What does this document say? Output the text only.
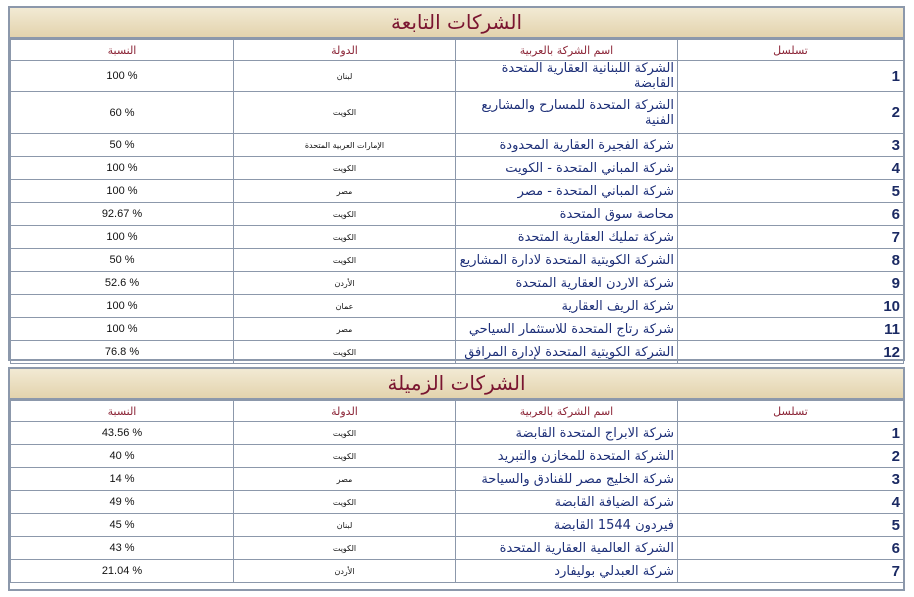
الشركات التابعة
تسلسل	اسم الشركة بالعربية	الدولة	النسبة
1	الشركة اللبنانية العقارية المتحدة القابضة	لبنان	100 %
2	الشركة المتحدة للمسارح والمشاريع الفنية	الكويت	60 %
3	شركة الفجيرة العقارية المحدودة	الإمارات العربية المتحدة	50 %
4	شركة المباني المتحدة - الكويت	الكويت	100 %
5	شركة المباني المتحدة - مصر	مصر	100 %
6	محاصة سوق المتحدة	الكويت	92.67 %
7	شركة تمليك العقارية المتحدة	الكويت	100 %
8	الشركة الكويتية المتحدة لادارة المشاريع	الكويت	50 %
9	شركة الاردن العقارية المتحدة	الأردن	52.6 %
10	شركة الريف العقارية	عمان	100 %
11	شركة رتاج المتحدة للاستثمار السياحي	مصر	100 %
12	الشركة الكويتية المتحدة لإدارة المرافق	الكويت	76.8 %
الشركات الزميلة
تسلسل	اسم الشركة بالعربية	الدولة	النسبة
1	شركة الابراج المتحدة القابضة	الكويت	43.56 %
2	الشركة المتحدة للمخازن والتبريد	الكويت	40 %
3	شركة الخليج مصر للفنادق والسياحة	مصر	14 %
4	شركة الضيافة القابضة	الكويت	49 %
5	فيردون 1544 القابضة	لبنان	45 %
6	الشركة العالمية العقارية المتحدة	الكويت	43 %
7	شركة العبدلي بوليفارد	الأردن	21.04 %
